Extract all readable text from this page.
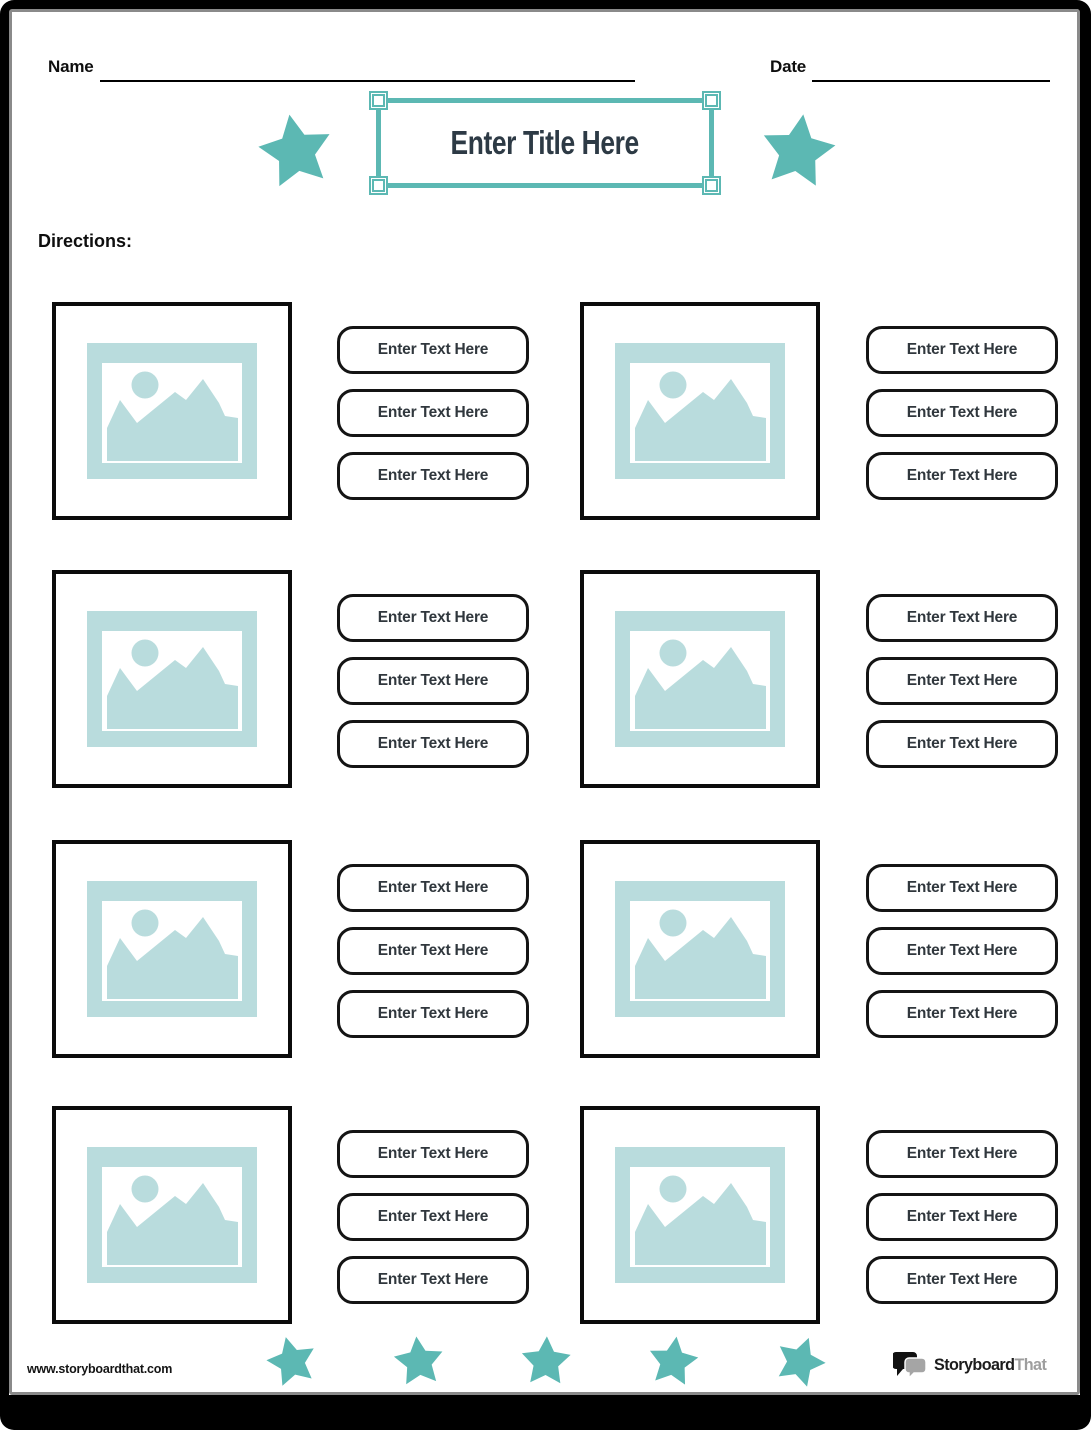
Name	Date
Enter Title Here
Directions:
Enter Text Here
Enter Text Here
Enter Text Here
Enter Text Here
Enter Text Here
Enter Text Here
Enter Text Here
Enter Text Here
Enter Text Here
Enter Text Here
Enter Text Here
Enter Text Here
Enter Text Here
Enter Text Here
Enter Text Here
Enter Text Here
Enter Text Here
Enter Text Here
Enter Text Here
Enter Text Here
Enter Text Here
Enter Text Here
Enter Text Here
Enter Text Here
www.storyboardthat.com	StoryboardThat
